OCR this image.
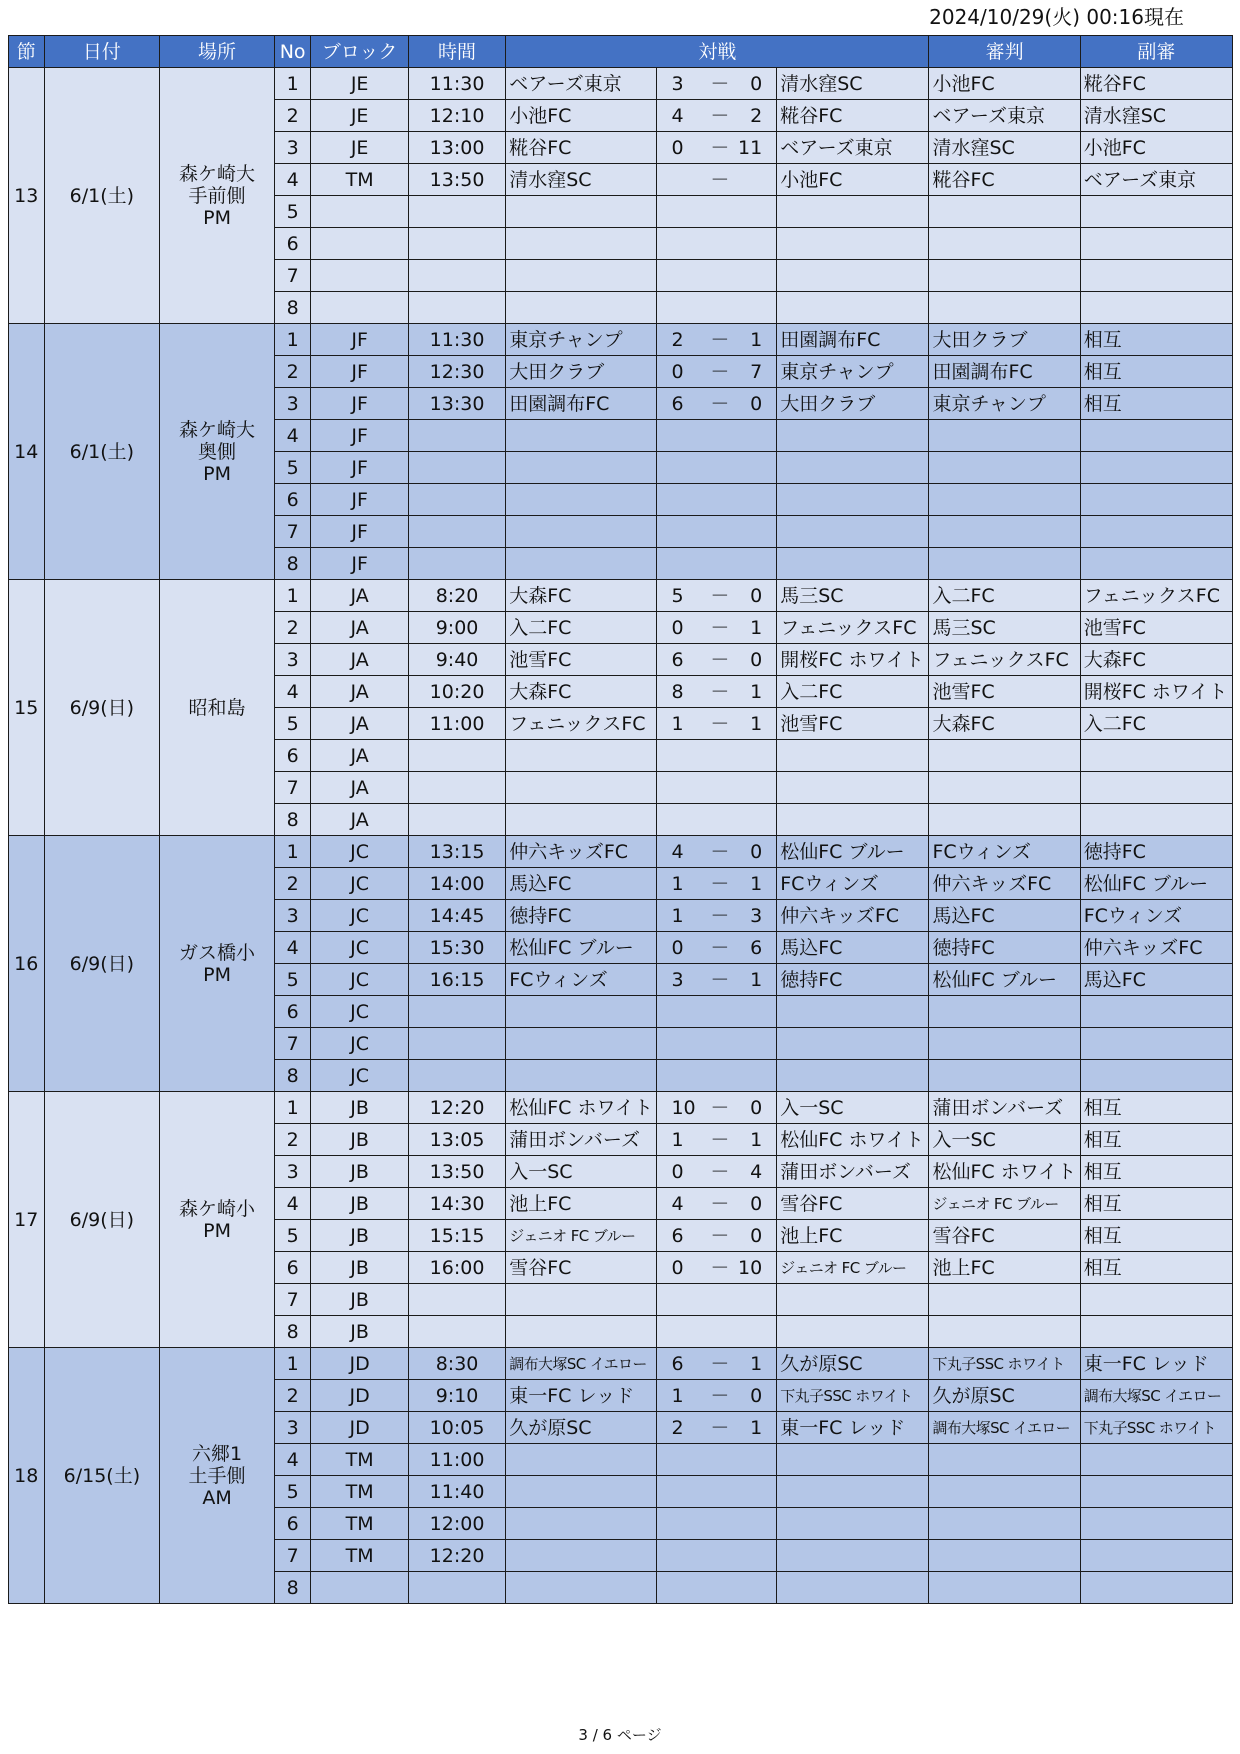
2024/10/29(火) 00:16現在
節	日付	場所	No	ブロック	時間	対戦					審判	副審
13	6/1(土)	森ケ崎大
手前側
PM	1	JE	11:30	ベアーズ東京	3	－	0	清水窪SC	小池FC	糀谷FC
			2	JE	12:10	小池FC	4	－	2	糀谷FC	ベアーズ東京	清水窪SC
			3	JE	13:00	糀谷FC	0	－	11	ベアーズ東京	清水窪SC	小池FC
			4	TM	13:50	清水窪SC		－		小池FC	糀谷FC	ベアーズ東京
			5									
			6									
			7									
			8									
14	6/1(土)	森ケ崎大
奥側
PM	1	JF	11:30	東京チャンプ	2	－	1	田園調布FC	大田クラブ	相互
			2	JF	12:30	大田クラブ	0	－	7	東京チャンプ	田園調布FC	相互
			3	JF	13:30	田園調布FC	6	－	0	大田クラブ	東京チャンプ	相互
			4	JF								
			5	JF								
			6	JF								
			7	JF								
			8	JF								
15	6/9(日)	昭和島	1	JA	8:20	大森FC	5	－	0	馬三SC	入二FC	フェニックスFC
			2	JA	9:00	入二FC	0	－	1	フェニックスFC	馬三SC	池雪FC
			3	JA	9:40	池雪FC	6	－	0	開桜FC ホワイト	フェニックスFC	大森FC
			4	JA	10:20	大森FC	8	－	1	入二FC	池雪FC	開桜FC ホワイト
			5	JA	11:00	フェニックスFC	1	－	1	池雪FC	大森FC	入二FC
			6	JA								
			7	JA								
			8	JA								
16	6/9(日)	ガス橋小
PM	1	JC	13:15	仲六キッズFC	4	－	0	松仙FC ブルー	FCウィンズ	徳持FC
			2	JC	14:00	馬込FC	1	－	1	FCウィンズ	仲六キッズFC	松仙FC ブルー
			3	JC	14:45	徳持FC	1	－	3	仲六キッズFC	馬込FC	FCウィンズ
			4	JC	15:30	松仙FC ブルー	0	－	6	馬込FC	徳持FC	仲六キッズFC
			5	JC	16:15	FCウィンズ	3	－	1	徳持FC	松仙FC ブルー	馬込FC
			6	JC								
			7	JC								
			8	JC								
17	6/9(日)	森ケ崎小
PM	1	JB	12:20	松仙FC ホワイト	10	－	0	入一SC	蒲田ボンバーズ	相互
			2	JB	13:05	蒲田ボンバーズ	1	－	1	松仙FC ホワイト	入一SC	相互
			3	JB	13:50	入一SC	0	－	4	蒲田ボンバーズ	松仙FC ホワイト	相互
			4	JB	14:30	池上FC	4	－	0	雪谷FC	ジェニオ FC ブルー	相互
			5	JB	15:15	ジェニオ FC ブルー	6	－	0	池上FC	雪谷FC	相互
			6	JB	16:00	雪谷FC	0	－	10	ジェニオ FC ブルー	池上FC	相互
			7	JB								
			8	JB								
18	6/15(土)	六郷1
土手側
AM	1	JD	8:30	調布大塚SC イエロー	6	－	1	久が原SC	下丸子SSC ホワイト	東一FC レッド
			2	JD	9:10	東一FC レッド	1	－	0	下丸子SSC ホワイト	久が原SC	調布大塚SC イエロー
			3	JD	10:05	久が原SC	2	－	1	東一FC レッド	調布大塚SC イエロー	下丸子SSC ホワイト
			4	TM	11:00							
			5	TM	11:40							
			6	TM	12:00							
			7	TM	12:20							
			8									
3 / 6 ページ
